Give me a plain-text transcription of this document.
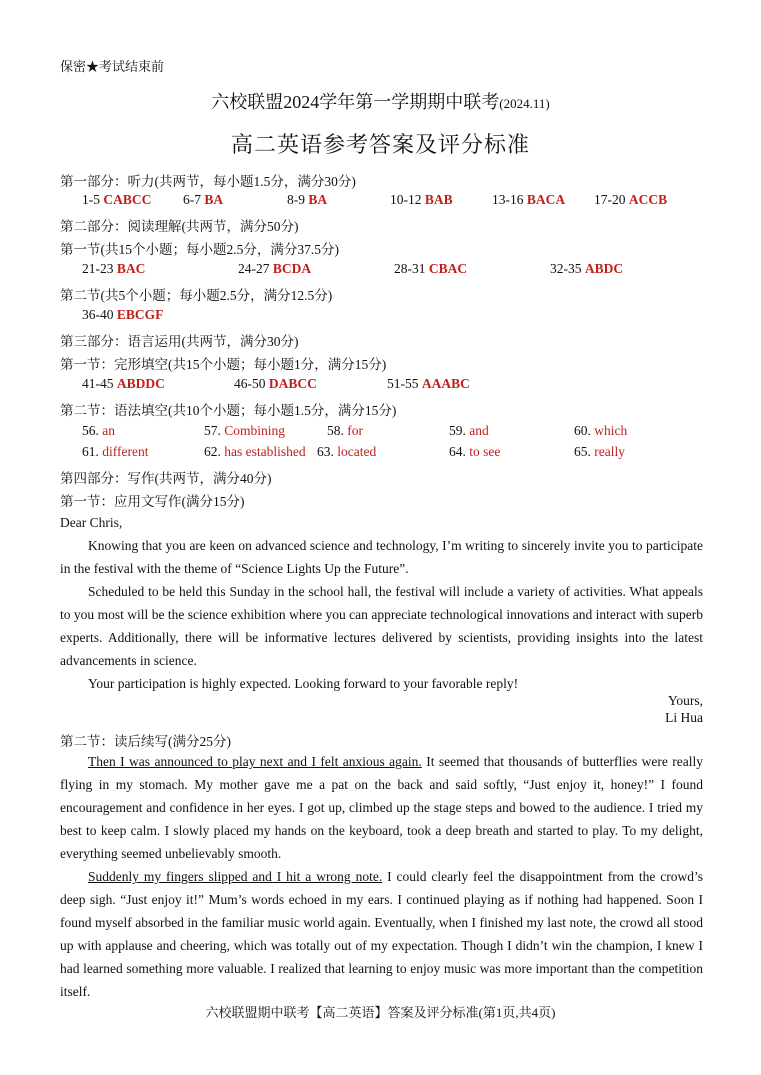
保密★考试结束前
六校联盟2024学年第一学期期中联考(2024.11)
高二英语参考答案及评分标准
第一部分：听力(共两节，每小题1.5分，满分30分)
1-5 CABCC 6-7 BA	8-9 BA	10-12 BAB	13-16 BACA 17-20 ACCB
第二部分：阅读理解(共两节，满分50分)
第一节(共15个小题；每小题2.5分，满分37.5分)
21-23 BAC	24-27 BCDA	28-31 CBAC	32-35 ABDC
第二节(共5个小题；每小题2.5分，满分12.5分)
36-40 EBCGF
第三部分：语言运用(共两节，满分30分)
第一节：完形填空(共15个小题；每小题1分，满分15分)
41-45 ABDDC	46-50 DABCC	51-55 AAABC
第二节：语法填空(共10个小题；每小题1.5分，满分15分)
56. an	57. Combining	58. for	59. and	60. which
61. different	62. has established 63. located	64. to see	65. really
第四部分：写作(共两节，满分40分)
第一节：应用文写作(满分15分)

Dear Chris,

Knowing that you are keen on advanced science and technology, I’m writing to sincerely invite you to participate in the festival with the theme of “Science Lights Up the Future”.

Scheduled to be held this Sunday in the school hall, the festival will include a variety of activities. What appeals to you most will be the science exhibition where you can appreciate technological innovations and interact with superb experts. Additionally, there will be informative lectures delivered by scientists, providing insights into the latest advancements in science.

Your participation is highly expected. Looking forward to your favorable reply!

Yours,
Li Hua
第二节：读后续写(满分25分)

Then I was announced to play next and I felt anxious again. It seemed that thousands of butterflies were really flying in my stomach. My mother gave me a pat on the back and said softly, “Just enjoy it, honey!” I found encouragement and confidence in her eyes. I got up, climbed up the stage steps and bowed to the audience. I tried my best to keep calm. I slowly placed my hands on the keyboard, took a deep breath and started to play. To my delight, everything seemed unbelievably smooth.

Suddenly my fingers slipped and I hit a wrong note. I could clearly feel the disappointment from the crowd’s deep sigh. “Just enjoy it!” Mum’s words echoed in my ears. I continued playing as if nothing had happened. Soon I found myself absorbed in the familiar music world again. Eventually, when I finished my last note, the crowd all stood up with applause and cheering, which was totally out of my expectation. Though I didn’t win the champion, I knew I had learned something more valuable. I realized that learning to enjoy music was more important than the competition itself.

六校联盟期中联考【高二英语】答案及评分标准(第1页,共4页)
